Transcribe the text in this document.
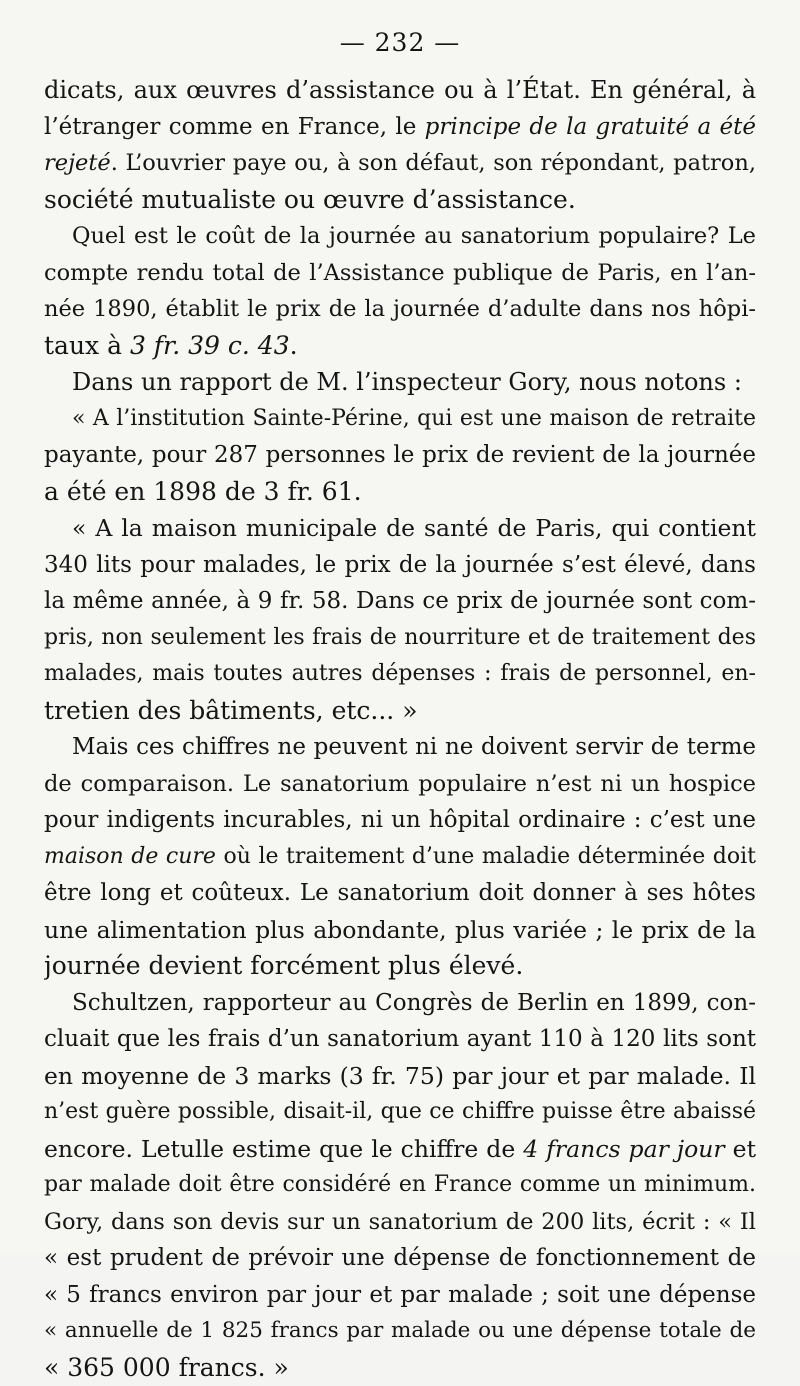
— 232 —
dicats, aux œuvres d’assistance ou à l’État. En général, à
l’étranger comme en France, le principe de la gratuité a été
rejeté. L’ouvrier paye ou, à son défaut, son répondant, patron,
société mutualiste ou œuvre d’assistance.
Quel est le coût de la journée au sanatorium populaire? Le
compte rendu total de l’Assistance publique de Paris, en l’an-
née 1890, établit le prix de la journée d’adulte dans nos hôpi-
taux à 3 fr. 39 c. 43.
Dans un rapport de M. l’inspecteur Gory, nous notons :
« A l’institution Sainte-Périne, qui est une maison de retraite
payante, pour 287 personnes le prix de revient de la journée
a été en 1898 de 3 fr. 61.
« A la maison municipale de santé de Paris, qui contient
340 lits pour malades, le prix de la journée s’est élevé, dans
la même année, à 9 fr. 58. Dans ce prix de journée sont com-
pris, non seulement les frais de nourriture et de traitement des
malades, mais toutes autres dépenses : frais de personnel, en-
tretien des bâtiments, etc... »
Mais ces chiffres ne peuvent ni ne doivent servir de terme
de comparaison. Le sanatorium populaire n’est ni un hospice
pour indigents incurables, ni un hôpital ordinaire : c’est une
maison de cure où le traitement d’une maladie déterminée doit
être long et coûteux. Le sanatorium doit donner à ses hôtes
une alimentation plus abondante, plus variée ; le prix de la
journée devient forcément plus élevé.
Schultzen, rapporteur au Congrès de Berlin en 1899, con-
cluait que les frais d’un sanatorium ayant 110 à 120 lits sont
en moyenne de 3 marks (3 fr. 75) par jour et par malade. Il
n’est guère possible, disait-il, que ce chiffre puisse être abaissé
encore. Letulle estime que le chiffre de 4 francs par jour et
par malade doit être considéré en France comme un minimum.
Gory, dans son devis sur un sanatorium de 200 lits, écrit : « Il
« est prudent de prévoir une dépense de fonctionnement de
« 5 francs environ par jour et par malade ; soit une dépense
« annuelle de 1 825 francs par malade ou une dépense totale de
« 365 000 francs. »
